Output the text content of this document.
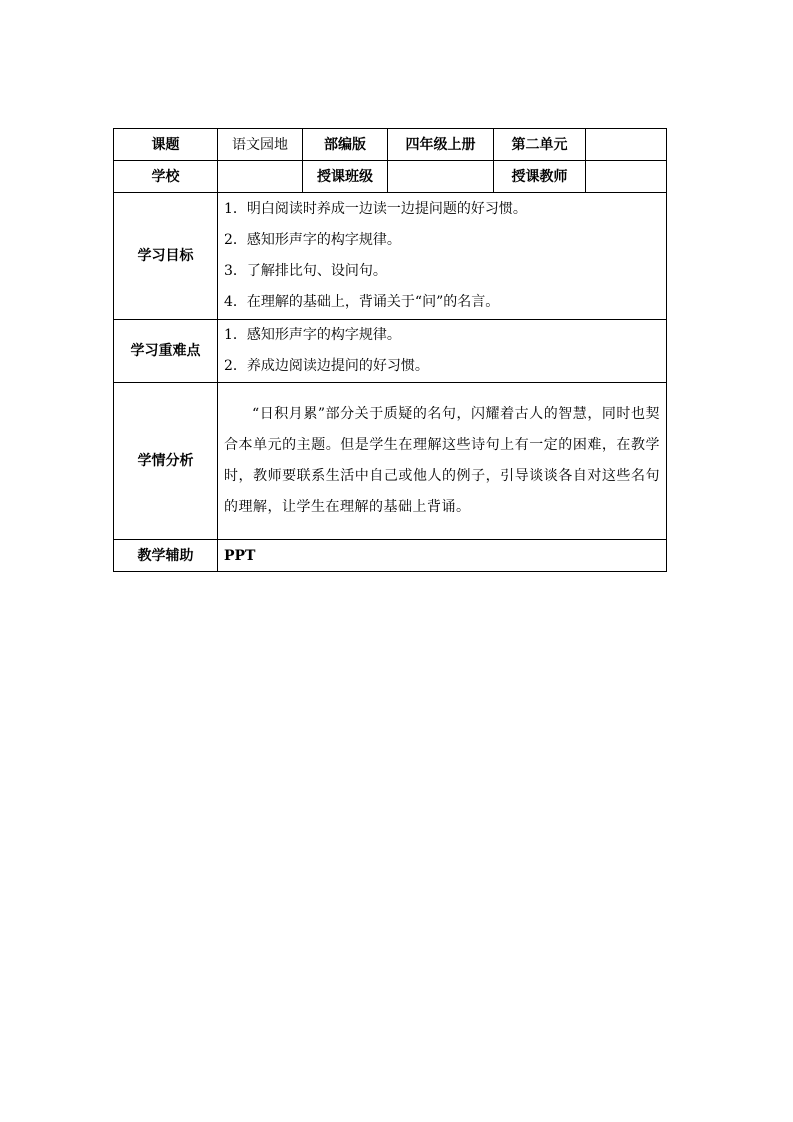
课题	语文园地	部编版	四年级上册	第二单元	
学校		授课班级		授课教师	
学习目标	1．明白阅读时养成一边读一边提问题的好习惯。
2．感知形声字的构字规律。
3．了解排比句、设问句。
4．在理解的基础上，背诵关于“问”的名言。				

学习重难点	1．感知形声字的构字规律。
2．养成边阅读边提问的好习惯。				

学情分析	“日积月累”部分关于质疑的名句，闪耀着古人的智慧，同时也契合本单元的主题。但是学生在理解这些诗句上有一定的困难，在教学时，教师要联系生活中自己或他人的例子，引导谈谈各自对这些名句的理解，让学生在理解的基础上背诵。				

教学辅助	PPT				
